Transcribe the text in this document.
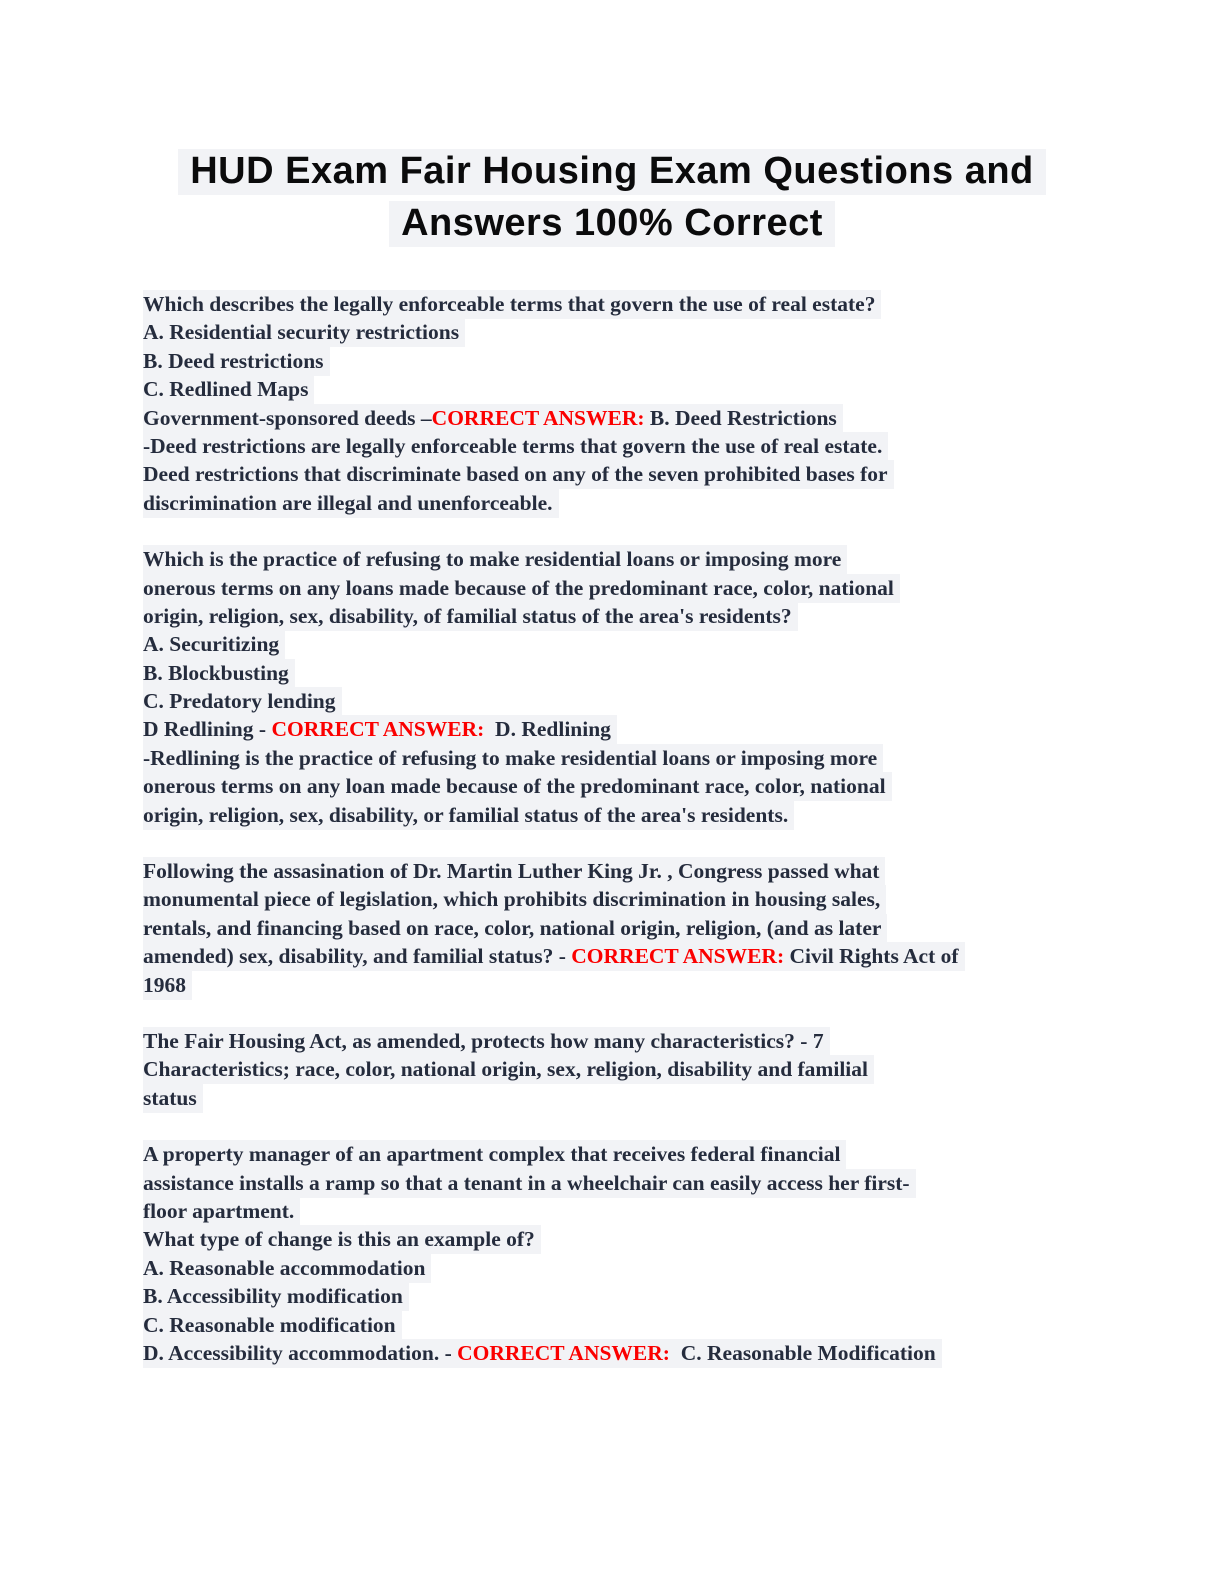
HUD Exam Fair Housing Exam Questions and
Answers 100% Correct
Which describes the legally enforceable terms that govern the use of real estate?
A. Residential security restrictions
B. Deed restrictions
C. Redlined Maps
Government-sponsored deeds –CORRECT ANSWER: B. Deed Restrictions
-Deed restrictions are legally enforceable terms that govern the use of real estate.
Deed restrictions that discriminate based on any of the seven prohibited bases for
discrimination are illegal and unenforceable.
Which is the practice of refusing to make residential loans or imposing more
onerous terms on any loans made because of the predominant race, color, national
origin, religion, sex, disability, of familial status of the area's residents?
A. Securitizing
B. Blockbusting
C. Predatory lending
D Redlining - CORRECT ANSWER:  D. Redlining
-Redlining is the practice of refusing to make residential loans or imposing more
onerous terms on any loan made because of the predominant race, color, national
origin, religion, sex, disability, or familial status of the area's residents.
Following the assasination of Dr. Martin Luther King Jr. , Congress passed what
monumental piece of legislation, which prohibits discrimination in housing sales,
rentals, and financing based on race, color, national origin, religion, (and as later
amended) sex, disability, and familial status? - CORRECT ANSWER: Civil Rights Act of
1968
The Fair Housing Act, as amended, protects how many characteristics? - 7
Characteristics; race, color, national origin, sex, religion, disability and familial
status
A property manager of an apartment complex that receives federal financial
assistance installs a ramp so that a tenant in a wheelchair can easily access her first-
floor apartment.
What type of change is this an example of?
A. Reasonable accommodation
B. Accessibility modification
C. Reasonable modification
D. Accessibility accommodation. - CORRECT ANSWER:  C. Reasonable Modification
